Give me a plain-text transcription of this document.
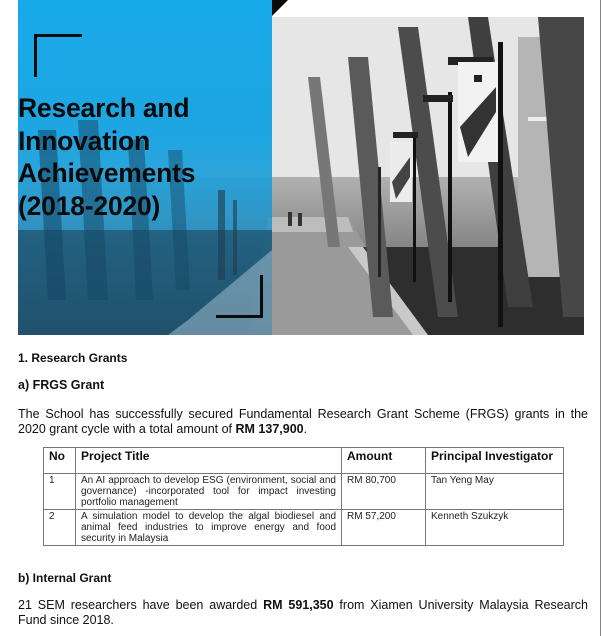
Research and
Innovation
Achievements
(2018-2020)
1. Research Grants
a) FRGS Grant

The School has successfully secured Fundamental Research Grant Scheme (FRGS) grants in the 2020 grant cycle with a total amount of RM 137,900.

No	Project Title	Amount	Principal Investigator
1	An AI approach to develop ESG (environment, social and governance) -incorporated tool for impact investing portfolio management	RM 80,700	Tan Yeng May
2	A simulation model to develop the algal biodiesel and animal feed industries to improve energy and food security in Malaysia	RM 57,200	Kenneth Szukzyk
b) Internal Grant

21 SEM researchers have been awarded RM 591,350 from Xiamen University Malaysia Research Fund since 2018.
